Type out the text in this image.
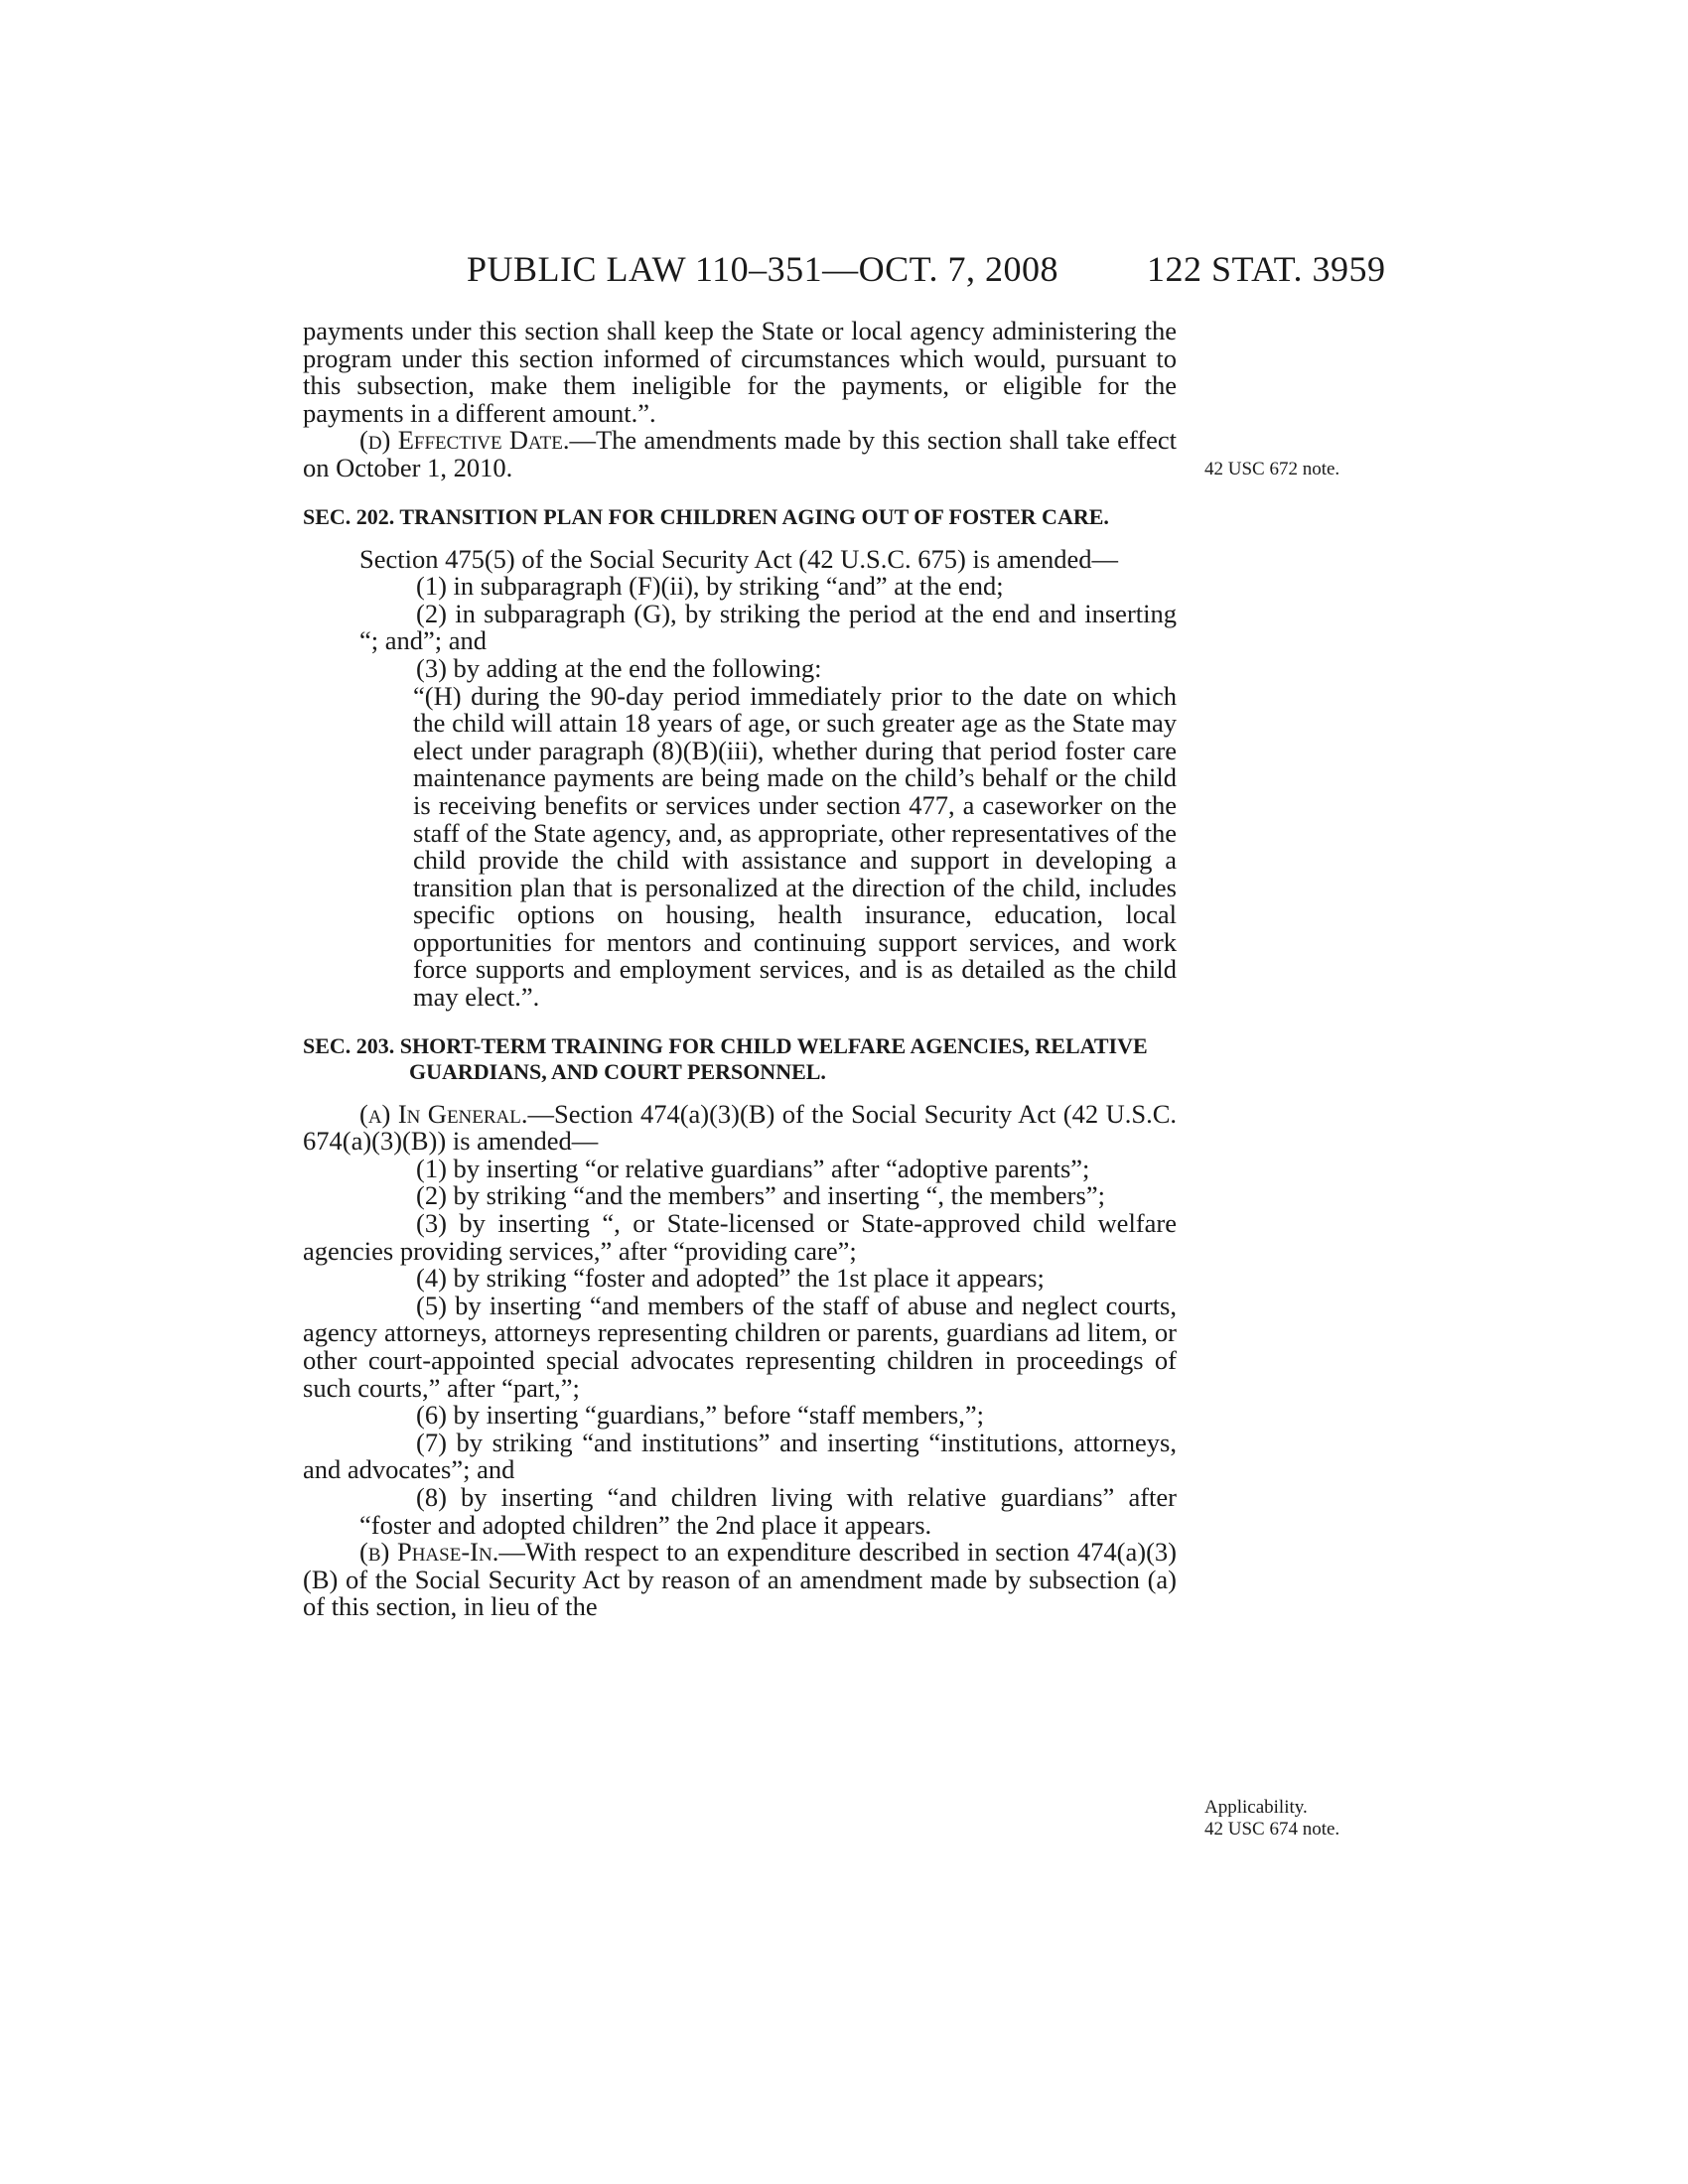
PUBLIC LAW 110–351—OCT. 7, 2008 122 STAT. 3959
42 USC 672 note.
Applicability.
42 USC 674 note.

payments under this section shall keep the State or local agency administering the program under this section informed of circumstances which would, pursuant to this subsection, make them ineligible for the payments, or eligible for the payments in a different amount.”.

(d) Effective Date.—The amendments made by this section shall take effect on October 1, 2010.

SEC. 202. TRANSITION PLAN FOR CHILDREN AGING OUT OF FOSTER CARE.

Section 475(5) of the Social Security Act (42 U.S.C. 675) is amended—

(1) in subparagraph (F)(ii), by striking “and” at the end;

(2) in subparagraph (G), by striking the period at the end and inserting “; and”; and

(3) by adding at the end the following:

“(H) during the 90-day period immediately prior to the date on which the child will attain 18 years of age, or such greater age as the State may elect under paragraph (8)(B)(iii), whether during that period foster care maintenance payments are being made on the child’s behalf or the child is receiving benefits or services under section 477, a caseworker on the staff of the State agency, and, as appropriate, other representatives of the child provide the child with assistance and support in developing a transition plan that is personalized at the direction of the child, includes specific options on housing, health insurance, education, local opportunities for mentors and continuing support services, and work force supports and employment services, and is as detailed as the child may elect.”.

SEC. 203. SHORT-TERM TRAINING FOR CHILD WELFARE AGENCIES, RELATIVE GUARDIANS, AND COURT PERSONNEL.

(a) In General.—Section 474(a)(3)(B) of the Social Security Act (42 U.S.C. 674(a)(3)(B)) is amended—

(1) by inserting “or relative guardians” after “adoptive parents”;

(2) by striking “and the members” and inserting “, the members”;

(3) by inserting “, or State-licensed or State-approved child welfare agencies providing services,” after “providing care”;

(4) by striking “foster and adopted” the 1st place it appears;

(5) by inserting “and members of the staff of abuse and neglect courts, agency attorneys, attorneys representing children or parents, guardians ad litem, or other court-appointed special advocates representing children in proceedings of such courts,” after “part,”;

(6) by inserting “guardians,” before “staff members,”;

(7) by striking “and institutions” and inserting “institutions, attorneys, and advocates”; and

(8) by inserting “and children living with relative guardians” after “foster and adopted children” the 2nd place it appears.

(b) Phase-In.—With respect to an expenditure described in section 474(a)(3)(B) of the Social Security Act by reason of an amendment made by subsection (a) of this section, in lieu of the
